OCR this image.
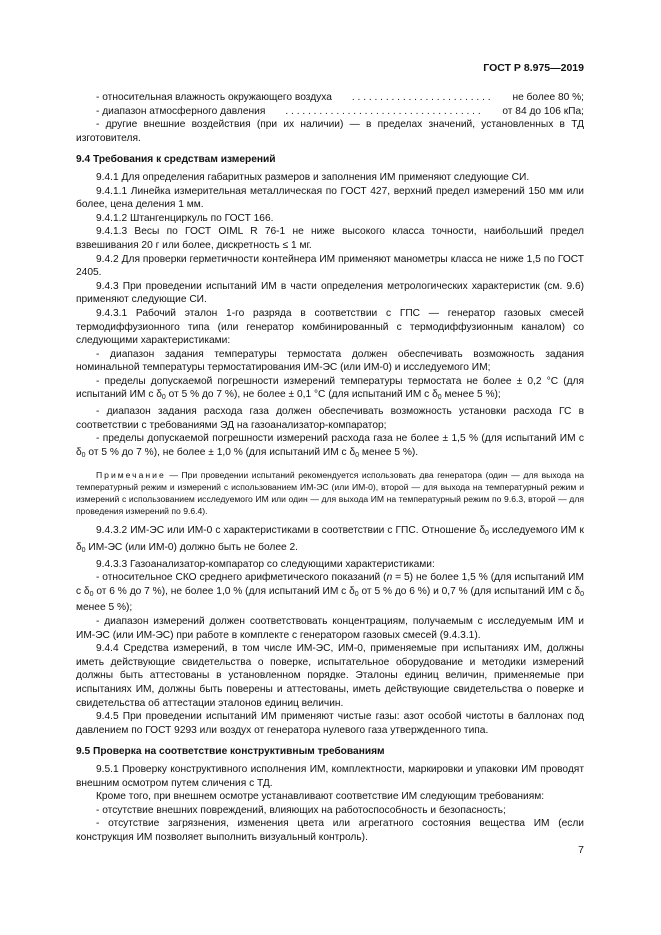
ГОСТ Р 8.975—2019
- относительная влажность окружающего воздуха . . .	не более 80 %;
- диапазон атмосферного давления . . .	от 84 до 106 кПа;

- другие внешние воздействия (при их наличии) — в пределах значений, установленных в ТД изготовителя.

9.4 Требования к средствам измерений

9.4.1 Для определения габаритных размеров и заполнения ИМ применяют следующие СИ.

9.4.1.1 Линейка измерительная металлическая по ГОСТ 427, верхний предел измерений 150 мм или более, цена деления 1 мм.

9.4.1.2 Штангенциркуль по ГОСТ 166.

9.4.1.3 Весы по ГОСТ OIML R 76-1 не ниже высокого класса точности, наибольший предел взвешивания 20 г или более, дискретность ≤ 1 мг.

9.4.2 Для проверки герметичности контейнера ИМ применяют манометры класса не ниже 1,5 по ГОСТ 2405.

9.4.3 При проведении испытаний ИМ в части определения метрологических характеристик (см. 9.6) применяют следующие СИ.

9.4.3.1 Рабочий эталон 1-го разряда в соответствии с ГПС — генератор газовых смесей термодиффузионного типа (или генератор комбинированный с термодиффузионным каналом) со следующими характеристиками:

- диапазон задания температуры термостата должен обеспечивать возможность задания номинальной температуры термостатирования ИМ-ЭС (или ИМ-0) и исследуемого ИМ;

- пределы допускаемой погрешности измерений температуры термостата не более ± 0,2 °С (для испытаний ИМ с $\delta_0$ от 5 % до 7 %), не более ± 0,1 °С (для испытаний ИМ с $\delta_0$ менее 5 %);

- диапазон задания расхода газа должен обеспечивать возможность установки расхода ГС в соответствии с требованиями ЭД на газоанализатор-компаратор;

- пределы допускаемой погрешности измерений расхода газа не более ± 1,5 % (для испытаний ИМ с $\delta_0$ от 5 % до 7 %), не более ± 1,0 % (для испытаний ИМ с $\delta_0$ менее 5 %).

Примечание — При проведении испытаний рекомендуется использовать два генератора (один — для выхода на температурный режим и измерений с использованием ИМ-ЭС (или ИМ-0), второй — для выхода на температурный режим и измерений с использованием исследуемого ИМ или один — для выхода ИМ на температурный режим по 9.6.3, второй — для проведения измерений по 9.6.4).

9.4.3.2 ИМ-ЭС или ИМ-0 с характеристиками в соответствии с ГПС. Отношение $\delta_0$ исследуемого ИМ к $\delta_0$ ИМ-ЭС (или ИМ-0) должно быть не более 2.

9.4.3.3 Газоанализатор-компаратор со следующими характеристиками:

- относительное СКО среднего арифметического показаний (n = 5) не более 1,5 % (для испытаний ИМ с $\delta_0$ от 6 % до 7 %), не более 1,0 % (для испытаний ИМ с $\delta_0$ от 5 % до 6 %) и 0,7 % (для испытаний ИМ с $\delta_0$ менее 5 %);

- диапазон измерений должен соответствовать концентрациям, получаемым с исследуемым ИМ и ИМ-ЭС (или ИМ-ЭС) при работе в комплекте с генератором газовых смесей (9.4.3.1).

9.4.4 Средства измерений, в том числе ИМ-ЭС, ИМ-0, применяемые при испытаниях ИМ, должны иметь действующие свидетельства о поверке, испытательное оборудование и методики измерений должны быть аттестованы в установленном порядке. Эталоны единиц величин, применяемые при испытаниях ИМ, должны быть поверены и аттестованы, иметь действующие свидетельства о поверке и свидетельства об аттестации эталонов единиц величин.

9.4.5 При проведении испытаний ИМ применяют чистые газы: азот особой чистоты в баллонах под давлением по ГОСТ 9293 или воздух от генератора нулевого газа утвержденного типа.

9.5 Проверка на соответствие конструктивным требованиям

9.5.1 Проверку конструктивного исполнения ИМ, комплектности, маркировки и упаковки ИМ проводят внешним осмотром путем сличения с ТД.

Кроме того, при внешнем осмотре устанавливают соответствие ИМ следующим требованиям:

- отсутствие внешних повреждений, влияющих на работоспособность и безопасность;

- отсутствие загрязнения, изменения цвета или агрегатного состояния вещества ИМ (если конструкция ИМ позволяет выполнить визуальный контроль).

7
